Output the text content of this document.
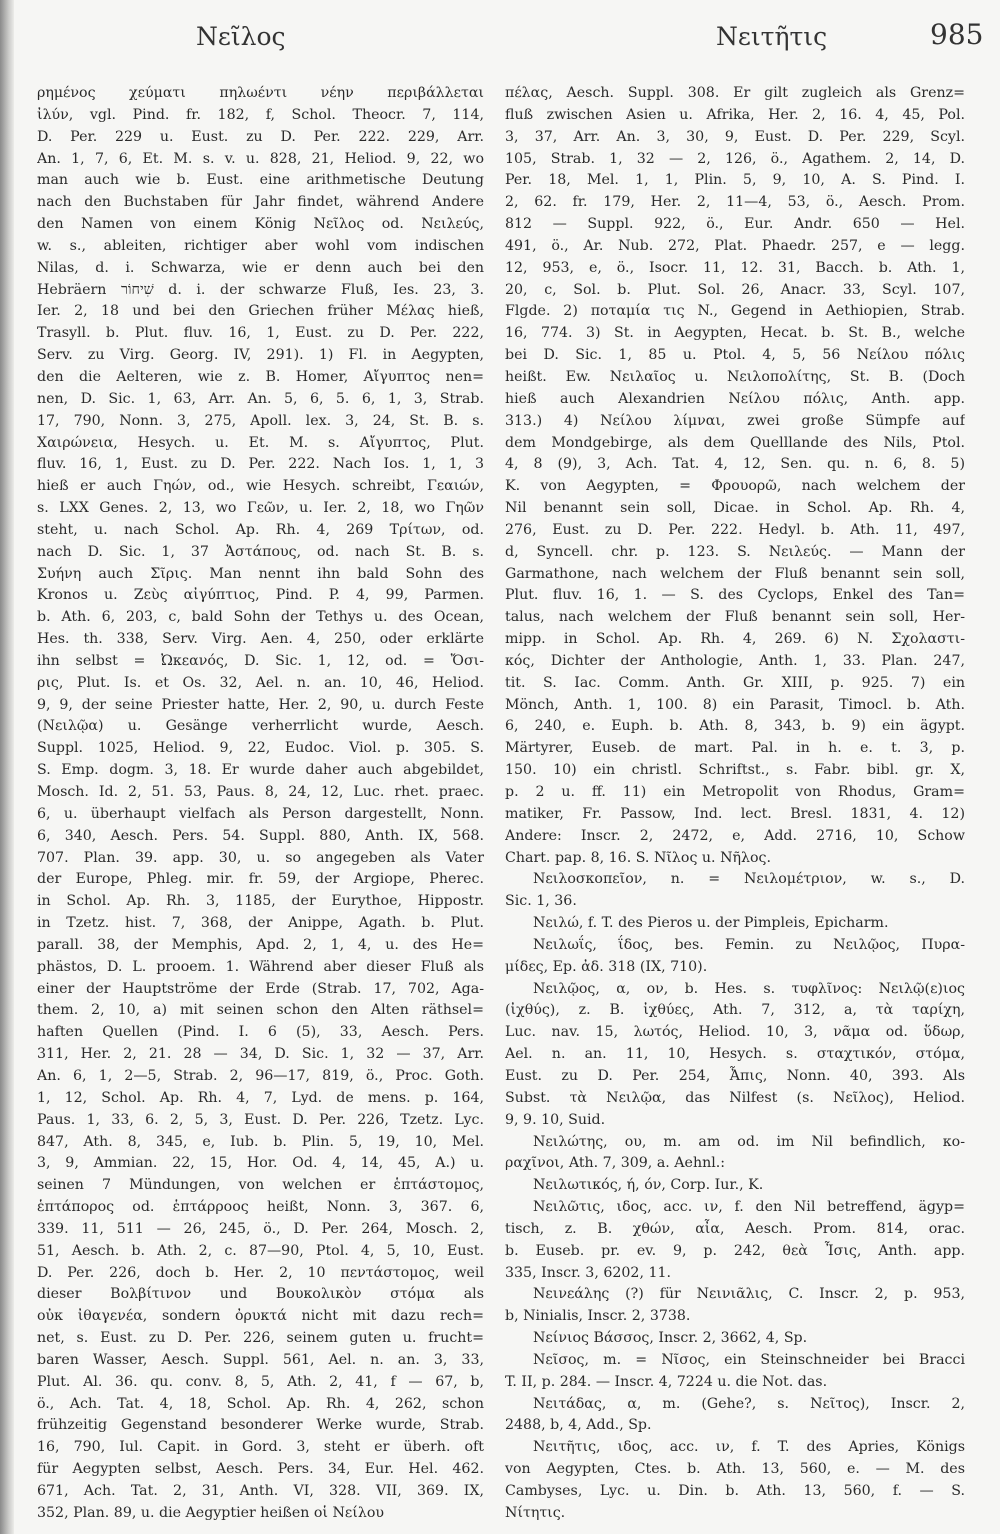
Νεῖλος	Νειτῆτις	985
ρημένος χεύματι πηλωέντι νέην περιβάλλεται
ἰλύν, vgl. Pind. fr. 182, f, Schol. Theocr. 7, 114,
D. Per. 229 u. Eust. zu D. Per. 222. 229, Arr.
An. 1, 7, 6, Et. M. s. v. u. 828, 21, Heliod. 9, 22, wo
man auch wie b. Eust. eine arithmetische Deutung
nach den Buchstaben für Jahr findet, während Andere
den Namen von einem König Νεῖλος od. Νειλεύς,
w. s., ableiten, richtiger aber wohl vom indischen
Nilas, d. i. Schwarza, wie er denn auch bei den
Hebräern שִׁיחוֹר d. i. der schwarze Fluß, Ies. 23, 3.
Ier. 2, 18 und bei den Griechen früher Μέλας hieß,
Trasyll. b. Plut. fluv. 16, 1, Eust. zu D. Per. 222,
Serv. zu Virg. Georg. IV, 291). 1) Fl. in Aegypten,
den die Aelteren, wie z. B. Homer, Αἴγυπτος nen=
nen, D. Sic. 1, 63, Arr. An. 5, 6, 5. 6, 1, 3, Strab.
17, 790, Nonn. 3, 275, Apoll. lex. 3, 24, St. B. s.
Χαιρώνεια, Hesych. u. Et. M. s. Αἴγυπτος, Plut.
fluv. 16, 1, Eust. zu D. Per. 222. Nach Ios. 1, 1, 3
hieß er auch Γηών, od., wie Hesych. schreibt, Γεαιών,
s. LXX Genes. 2, 13, wo Γεῶν, u. Ier. 2, 18, wo Γηῶν
steht, u. nach Schol. Ap. Rh. 4, 269 Τρίτων, od.
nach D. Sic. 1, 37 Ἀστάπους, od. nach St. B. s.
Συήνη auch Σῖρις. Man nennt ihn bald Sohn des
Kronos u. Ζεὺς αἰγύπτιος, Pind. P. 4, 99, Parmen.
b. Ath. 6, 203, c, bald Sohn der Tethys u. des Ocean,
Hes. th. 338, Serv. Virg. Aen. 4, 250, oder erklärte
ihn selbst = Ὠκεανός, D. Sic. 1, 12, od. = Ὄσι-
ρις, Plut. Is. et Os. 32, Ael. n. an. 10, 46, Heliod.
9, 9, der seine Priester hatte, Her. 2, 90, u. durch Feste
(Νειλῷα) u. Gesänge verherrlicht wurde, Aesch.
Suppl. 1025, Heliod. 9, 22, Eudoc. Viol. p. 305. S.
S. Emp. dogm. 3, 18. Er wurde daher auch abgebildet,
Mosch. Id. 2, 51. 53, Paus. 8, 24, 12, Luc. rhet. praec.
6, u. überhaupt vielfach als Person dargestellt, Nonn.
6, 340, Aesch. Pers. 54. Suppl. 880, Anth. IX, 568.
707. Plan. 39. app. 30, u. so angegeben als Vater
der Europe, Phleg. mir. fr. 59, der Argiope, Pherec.
in Schol. Ap. Rh. 3, 1185, der Eurythoe, Hippostr.
in Tzetz. hist. 7, 368, der Anippe, Agath. b. Plut.
parall. 38, der Memphis, Apd. 2, 1, 4, u. des He=
phästos, D. L. prooem. 1. Während aber dieser Fluß als
einer der Hauptströme der Erde (Strab. 17, 702, Aga-
them. 2, 10, a) mit seinen schon den Alten räthsel=
haften Quellen (Pind. I. 6 (5), 33, Aesch. Pers.
311, Her. 2, 21. 28 — 34, D. Sic. 1, 32 — 37, Arr.
An. 6, 1, 2—5, Strab. 2, 96—17, 819, ö., Proc. Goth.
1, 12, Schol. Ap. Rh. 4, 7, Lyd. de mens. p. 164,
Paus. 1, 33, 6. 2, 5, 3, Eust. D. Per. 226, Tzetz. Lyc.
847, Ath. 8, 345, e, Iub. b. Plin. 5, 19, 10, Mel.
3, 9, Ammian. 22, 15, Hor. Od. 4, 14, 45, A.) u.
seinen 7 Mündungen, von welchen er ἑπτάστομος,
ἑπτάπορος od. ἑπτάρροος heißt, Nonn. 3, 367. 6,
339. 11, 511 — 26, 245, ö., D. Per. 264, Mosch. 2,
51, Aesch. b. Ath. 2, c. 87—90, Ptol. 4, 5, 10, Eust.
D. Per. 226, doch b. Her. 2, 10 πεντάστομος, weil
dieser Βολβίτινον und Βουκολικὸν στόμα als
οὐκ ἰθαγενέα, sondern ὀρυκτά nicht mit dazu rech=
net, s. Eust. zu D. Per. 226, seinem guten u. frucht=
baren Wasser, Aesch. Suppl. 561, Ael. n. an. 3, 33,
Plut. Al. 36. qu. conv. 8, 5, Ath. 2, 41, f — 67, b,
ö., Ach. Tat. 4, 18, Schol. Ap. Rh. 4, 262, schon
frühzeitig Gegenstand besonderer Werke wurde, Strab.
16, 790, Iul. Capit. in Gord. 3, steht er überh. oft
für Aegypten selbst, Aesch. Pers. 34, Eur. Hel. 462.
671, Ach. Tat. 2, 31, Anth. VI, 328. VII, 369. IX,
352, Plan. 89, u. die Aegyptier heißen οἱ Νείλου
πέλας, Aesch. Suppl. 308. Er gilt zugleich als Grenz=
fluß zwischen Asien u. Afrika, Her. 2, 16. 4, 45, Pol.
3, 37, Arr. An. 3, 30, 9, Eust. D. Per. 229, Scyl.
105, Strab. 1, 32 — 2, 126, ö., Agathem. 2, 14, D.
Per. 18, Mel. 1, 1, Plin. 5, 9, 10, A. S. Pind. I.
2, 62. fr. 179, Her. 2, 11—4, 53, ö., Aesch. Prom.
812 — Suppl. 922, ö., Eur. Andr. 650 — Hel.
491, ö., Ar. Nub. 272, Plat. Phaedr. 257, e — legg.
12, 953, e, ö., Isocr. 11, 12. 31, Bacch. b. Ath. 1,
20, c, Sol. b. Plut. Sol. 26, Anacr. 33, Scyl. 107,
Flgde. 2) ποταμία τις N., Gegend in Aethiopien, Strab.
16, 774. 3) St. in Aegypten, Hecat. b. St. B., welche
bei D. Sic. 1, 85 u. Ptol. 4, 5, 56 Νείλου πόλις
heißt. Ew. Νειλαῖος u. Νειλοπολίτης, St. B. (Doch
hieß auch Alexandrien Νείλου πόλις, Anth. app.
313.) 4) Νείλου λίμναι, zwei große Sümpfe auf
dem Mondgebirge, als dem Quelllande des Nils, Ptol.
4, 8 (9), 3, Ach. Tat. 4, 12, Sen. qu. n. 6, 8. 5)
K. von Aegypten, = Φρουορῶ, nach welchem der
Nil benannt sein soll, Dicae. in Schol. Ap. Rh. 4,
276, Eust. zu D. Per. 222. Hedyl. b. Ath. 11, 497,
d, Syncell. chr. p. 123. S. Νειλεύς. — Mann der
Garmathone, nach welchem der Fluß benannt sein soll,
Plut. fluv. 16, 1. — S. des Cyclops, Enkel des Tan=
talus, nach welchem der Fluß benannt sein soll, Her-
mipp. in Schol. Ap. Rh. 4, 269. 6) N. Σχολαστι-
κός, Dichter der Anthologie, Anth. 1, 33. Plan. 247,
tit. S. Iac. Comm. Anth. Gr. XIII, p. 925. 7) ein
Mönch, Anth. 1, 100. 8) ein Parasit, Timocl. b. Ath.
6, 240, e. Euph. b. Ath. 8, 343, b. 9) ein ägypt.
Märtyrer, Euseb. de mart. Pal. in h. e. t. 3, p.
150. 10) ein christl. Schriftst., s. Fabr. bibl. gr. X,
p. 2 u. ff. 11) ein Metropolit von Rhodus, Gram=
matiker, Fr. Passow, Ind. lect. Bresl. 1831, 4. 12)
Andere: Inscr. 2, 2472, e, Add. 2716, 10, Schow
Chart. pap. 8, 16. S. Νῖλος u. Νῆλος.
Νειλοσκοπεῖον, n. = Νειλομέτριον, w. s., D.
Sic. 1, 36.
Νειλώ, f. T. des Pieros u. der Pimpleis, Epicharm.
Νειλωΐς, ΐδος, bes. Femin. zu Νειλῷος, Πυρα-
μίδες, Ep. ἀδ. 318 (IX, 710).
Νειλῷος, α, ον, b. Hes. s. τυφλῖνος: Νειλῷ(ε)ιος
(ἰχθύς), z. B. ἰχθύες, Ath. 7, 312, a, τὰ ταρίχη,
Luc. nav. 15, λωτός, Heliod. 10, 3, νᾶμα od. ὕδωρ,
Ael. n. an. 11, 10, Hesych. s. σταχτικόν, στόμα,
Eust. zu D. Per. 254, Ἆπις, Nonn. 40, 393. Als
Subst. τὰ Νειλῷα, das Nilfest (s. Νεῖλος), Heliod.
9, 9. 10, Suid.
Νειλώτης, ου, m. am od. im Nil befindlich, κο-
ραχῖνοι, Ath. 7, 309, a. Aehnl.:
Νειλωτικός, ή, όν, Corp. Iur., K.
Νειλῶτις, ιδος, acc. ιν, f. den Nil betreffend, ägyp=
tisch, z. B. χθών, αἶα, Aesch. Prom. 814, orac.
b. Euseb. pr. ev. 9, p. 242, θεὰ Ἶσις, Anth. app.
335, Inscr. 3, 6202, 11.
Νεινεάλης (?) für Νεινιᾶλις, C. Inscr. 2, p. 953,
b, Ninialis, Inscr. 2, 3738.
Νείνιος Βάσσος, Inscr. 2, 3662, 4, Sp.
Νεῖσος, m. = Νῖσος, ein Steinschneider bei Bracci
T. II, p. 284. — Inscr. 4, 7224 u. die Not. das.
Νειτάδας, α, m. (Gehe?, s. Νεῖτος), Inscr. 2,
2488, b, 4, Add., Sp.
Νειτῆτις, ιδος, acc. ιν, f. T. des Apries, Königs
von Aegypten, Ctes. b. Ath. 13, 560, e. — M. des
Cambyses, Lyc. u. Din. b. Ath. 13, 560, f. — S.
Νίτητις.
